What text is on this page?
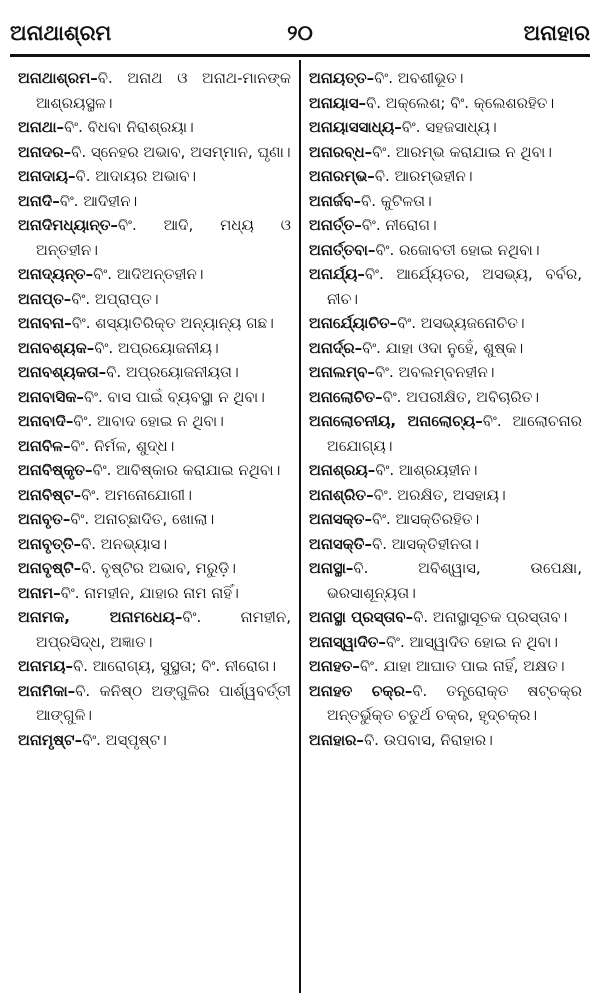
ଅନାଥାଶ୍ରମ	୨୦	ଅନାହାର

ଅନାଥାଶ୍ରମ–ବି. ଅନାଥ ଓ ଅନାଥ-ମାନଙ୍କ ଆଶ୍ରୟସ୍ଥଳ।

ଅନାଥା–ବିଂ. ବିଧବା ନିରାଶ୍ରୟା।

ଅନାଦର–ବି. ସ୍ନେହର ଅଭାବ, ଅସମ୍ମାନ, ଘୃଣା।

ଅନାଦାୟ–ବି. ଆଦାୟର ଅଭାବ।

ଅନାଦି–ବିଂ. ଆଦିହୀନ।

ଅନାଦିମଧ୍ୟାନ୍ତ–ବିଂ. ଆଦି, ମଧ୍ୟ ଓ ଅନ୍ତହୀନ।

ଅନାଦ୍ୟନ୍ତ–ବିଂ. ଆଦିଅନ୍ତହୀନ।

ଅନାପ୍ତ–ବିଂ. ଅପ୍ରାପ୍ତ।

ଅନାବନା–ବିଂ. ଶସ୍ୟାତିରିକ୍ତ ଅନ୍ୟାନ୍ୟ ଗଛ।

ଅନାବଶ୍ୟକ–ବିଂ. ଅପ୍ରୟୋଜନୀୟ।

ଅନାବଶ୍ୟକତା–ବି. ଅପ୍ରୟୋଜନୀୟତା।

ଅନାବାସିକ–ବିଂ. ବାସ ପାଇଁ ବ୍ୟବସ୍ଥା ନ ଥିବା।

ଅନାବାଦି–ବିଂ. ଆବାଦ ହୋଇ ନ ଥିବା।

ଅନାବିଳ–ବିଂ. ନିର୍ମଳ, ଶୁଦ୍ଧ।

ଅନାବିଷ୍କୃତ–ବିଂ. ଆବିଷ୍କାର କରାଯାଇ ନଥିବା।

ଅନାବିଷ୍ଟ–ବିଂ. ଅମନୋଯୋଗୀ।

ଅନାବୃତ–ବିଂ. ଅନାଚ୍ଛାଦିତ, ଖୋଲା।

ଅନାବୃତ୍ତି–ବି. ଅନଭ୍ୟାସ।

ଅନାବୃଷ୍ଟି–ବି. ବୃଷ୍ଟିର ଅଭାବ, ମରୁଡ଼ି।

ଅନାମ–ବିଂ. ନାମହୀନ, ଯାହାର ନାମ ନାହିଁ।

ଅନାମକ, ଅନାମଧେୟ–ବିଂ. ନାମହୀନ, ଅପ୍ରସିଦ୍ଧ, ଅଜ୍ଞାତ।

ଅନାମୟ–ବି. ଆରୋଗ୍ୟ, ସୁସ୍ଥତା; ବିଂ. ନୀରୋଗ।

ଅନାମିକା–ବି. କନିଷ୍ଠ ଅଙ୍ଗୁଳିର ପାର୍ଶ୍ୱବର୍ତ୍ତୀ ଆଙ୍ଗୁଳି।

ଅନାମୃଷ୍ଟ–ବିଂ. ଅସ୍ପୃଷ୍ଟ।

ଅନାୟତ୍ତ–ବିଂ. ଅବଶୀଭୂତ।

ଅନାୟାସ–ବି. ଅକ୍ଲେଶ; ବିଂ. କ୍ଲେଶରହିତ।

ଅନାୟାସସାଧ୍ୟ–ବିଂ. ସହଜସାଧ୍ୟ।

ଅନାରବ୍ଧ–ବିଂ. ଆରମ୍ଭ କରାଯାଇ ନ ଥିବା।

ଅନାରମ୍ଭ–ବି. ଆରମ୍ଭହୀନ।

ଅନାର୍ଜବ–ବି. କୁଟିଳତା।

ଅନାର୍ତ୍ତ–ବିଂ. ନୀରୋଗ।

ଅନାର୍ତ୍ତବା–ବିଂ. ରଜୋବତୀ ହୋଇ ନଥିବା।

ଅନାର୍ଯ୍ୟ–ବିଂ. ଆର୍ଯ୍ୟେତର, ଅସଭ୍ୟ, ବର୍ବର, ନୀଚ।

ଅନାର୍ଯ୍ୟୋଚିତ–ବିଂ. ଅସଭ୍ୟଜନୋଚିତ।

ଅନାର୍ଦ୍ର–ବିଂ. ଯାହା ଓଦା ନୁହେଁ, ଶୁଷ୍କ।

ଅନାଲମ୍ବ–ବିଂ. ଅବଲମ୍ବନହୀନ।

ଅନାଲୋଚିତ–ବିଂ. ଅପରୀକ୍ଷିତ, ଅବିଚାରିତ।

ଅନାଲୋଚନୀୟ, ଅନାଲୋଚ୍ୟ–ବିଂ. ଆଲୋଚନାର ଅଯୋଗ୍ୟ।

ଅନାଶ୍ରୟ–ବିଂ. ଆଶ୍ରୟହୀନ।

ଅନାଶ୍ରିତ–ବିଂ. ଅରକ୍ଷିତ, ଅସହାୟ।

ଅନାସକ୍ତ–ବିଂ. ଆସକ୍ତିରହିତ।

ଅନାସକ୍ତି–ବି. ଆସକ୍ତିହୀନତା।

ଅନାସ୍ଥା–ବି. ଅବିଶ୍ୱାସ, ଉପେକ୍ଷା, ଭରସାଶୂନ୍ୟତା।

ଅନାସ୍ଥା ପ୍ରସ୍ତାବ–ବି. ଅନାସ୍ଥାସୂଚକ ପ୍ରସ୍ତାବ।

ଅନାସ୍ୱାଦିତ–ବିଂ. ଆସ୍ୱାଦିତ ହୋଇ ନ ଥିବା।

ଅନାହତ–ବିଂ. ଯାହା ଆଘାତ ପାଇ ନାହିଁ, ଅକ୍ଷତ।

ଅନାହତ ଚକ୍ର–ବି. ତନ୍ତ୍ରୋକ୍ତ ଷଟ୍‌ଚକ୍ର ଅନ୍ତର୍ଭୁକ୍ତ ଚତୁର୍ଥ ଚକ୍ର, ହୃଦ୍‌ଚକ୍ର।

ଅନାହାର–ବି. ଉପବାସ, ନିରାହାର।
